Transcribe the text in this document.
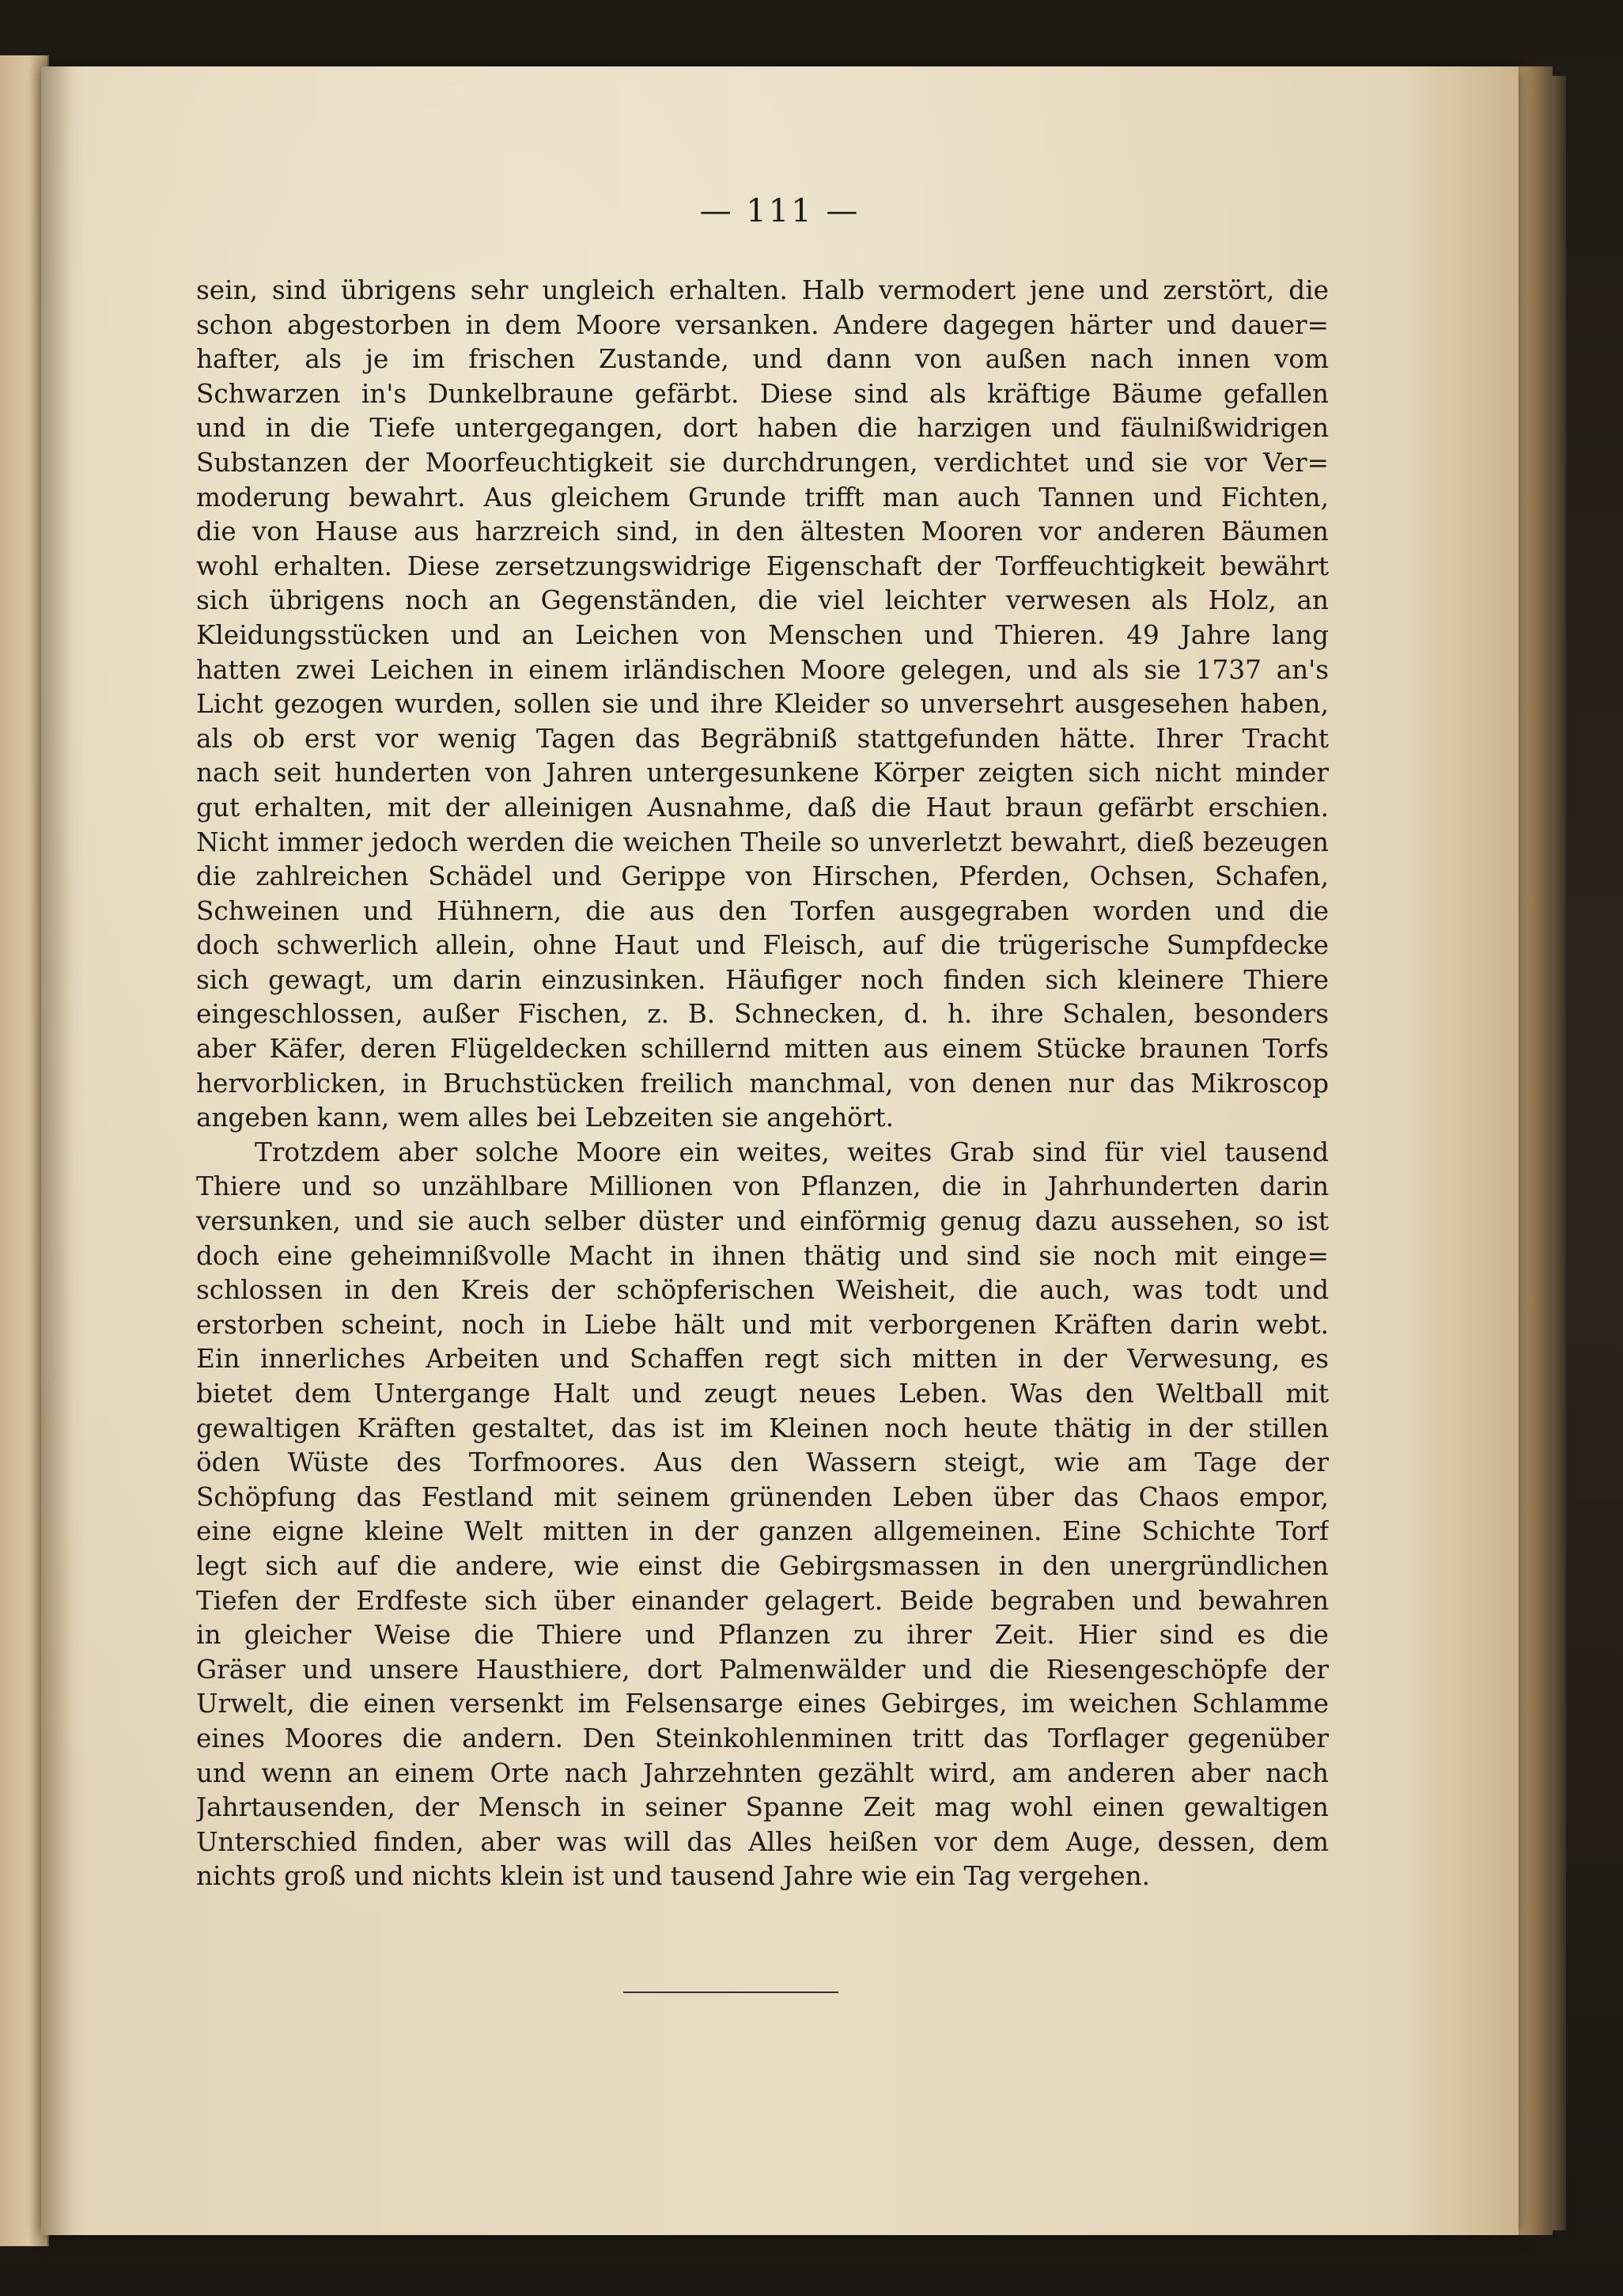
— 111 —
sein, sind übrigens sehr ungleich erhalten. Halb vermodert jene und zerstört, die
schon abgestorben in dem Moore versanken. Andere dagegen härter und dauer=
hafter, als je im frischen Zustande, und dann von außen nach innen vom
Schwarzen in's Dunkelbraune gefärbt. Diese sind als kräftige Bäume gefallen
und in die Tiefe untergegangen, dort haben die harzigen und fäulnißwidrigen
Substanzen der Moorfeuchtigkeit sie durchdrungen, verdichtet und sie vor Ver=
moderung bewahrt. Aus gleichem Grunde trifft man auch Tannen und Fichten,
die von Hause aus harzreich sind, in den ältesten Mooren vor anderen Bäumen
wohl erhalten. Diese zersetzungswidrige Eigenschaft der Torffeuchtigkeit bewährt
sich übrigens noch an Gegenständen, die viel leichter verwesen als Holz, an
Kleidungsstücken und an Leichen von Menschen und Thieren. 49 Jahre lang
hatten zwei Leichen in einem irländischen Moore gelegen, und als sie 1737 an's
Licht gezogen wurden, sollen sie und ihre Kleider so unversehrt ausgesehen haben,
als ob erst vor wenig Tagen das Begräbniß stattgefunden hätte. Ihrer Tracht
nach seit hunderten von Jahren untergesunkene Körper zeigten sich nicht minder
gut erhalten, mit der alleinigen Ausnahme, daß die Haut braun gefärbt erschien.
Nicht immer jedoch werden die weichen Theile so unverletzt bewahrt, dieß bezeugen
die zahlreichen Schädel und Gerippe von Hirschen, Pferden, Ochsen, Schafen,
Schweinen und Hühnern, die aus den Torfen ausgegraben worden und die
doch schwerlich allein, ohne Haut und Fleisch, auf die trügerische Sumpfdecke
sich gewagt, um darin einzusinken. Häufiger noch finden sich kleinere Thiere
eingeschlossen, außer Fischen, z. B. Schnecken, d. h. ihre Schalen, besonders
aber Käfer, deren Flügeldecken schillernd mitten aus einem Stücke braunen Torfs
hervorblicken, in Bruchstücken freilich manchmal, von denen nur das Mikroscop
angeben kann, wem alles bei Lebzeiten sie angehört.
Trotzdem aber solche Moore ein weites, weites Grab sind für viel tausend
Thiere und so unzählbare Millionen von Pflanzen, die in Jahrhunderten darin
versunken, und sie auch selber düster und einförmig genug dazu aussehen, so ist
doch eine geheimnißvolle Macht in ihnen thätig und sind sie noch mit einge=
schlossen in den Kreis der schöpferischen Weisheit, die auch, was todt und
erstorben scheint, noch in Liebe hält und mit verborgenen Kräften darin webt.
Ein innerliches Arbeiten und Schaffen regt sich mitten in der Verwesung, es
bietet dem Untergange Halt und zeugt neues Leben. Was den Weltball mit
gewaltigen Kräften gestaltet, das ist im Kleinen noch heute thätig in der stillen
öden Wüste des Torfmoores. Aus den Wassern steigt, wie am Tage der
Schöpfung das Festland mit seinem grünenden Leben über das Chaos empor,
eine eigne kleine Welt mitten in der ganzen allgemeinen. Eine Schichte Torf
legt sich auf die andere, wie einst die Gebirgsmassen in den unergründlichen
Tiefen der Erdfeste sich über einander gelagert. Beide begraben und bewahren
in gleicher Weise die Thiere und Pflanzen zu ihrer Zeit. Hier sind es die
Gräser und unsere Hausthiere, dort Palmenwälder und die Riesengeschöpfe der
Urwelt, die einen versenkt im Felsensarge eines Gebirges, im weichen Schlamme
eines Moores die andern. Den Steinkohlenminen tritt das Torflager gegenüber
und wenn an einem Orte nach Jahrzehnten gezählt wird, am anderen aber nach
Jahrtausenden, der Mensch in seiner Spanne Zeit mag wohl einen gewaltigen
Unterschied finden, aber was will das Alles heißen vor dem Auge, dessen, dem
nichts groß und nichts klein ist und tausend Jahre wie ein Tag vergehen.
